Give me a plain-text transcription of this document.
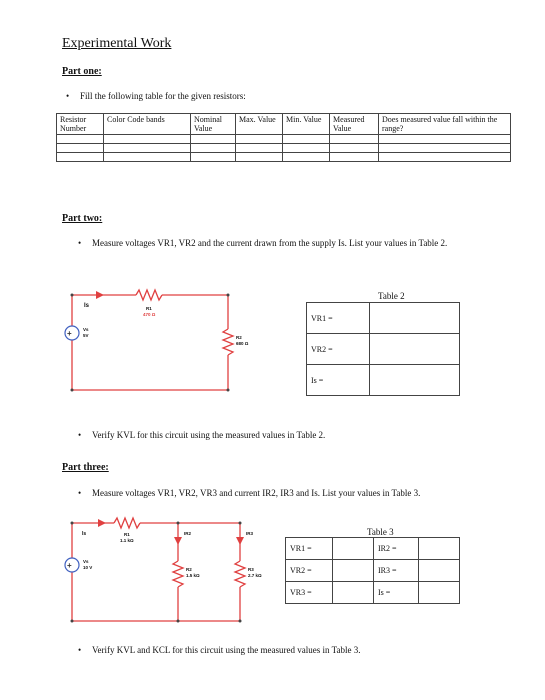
Experimental Work
Part one:
• Fill the following table for the given resistors:
Resistor Number	Color Code bands	Nominal Value	Max. Value	Min. Value	Measured Value	Does measured value fall within the range?

Part two:
• Measure voltages VR1, VR2 and the current drawn from the supply Is. List your values in Table 2.
+
Is	R1
470 Ω
Vs
5V	R2
680 Ω
Table 2
VR1 =	
VR2 =	
Is =	
• Verify KVL for this circuit using the measured values in Table 2.
Part three:
• Measure voltages VR1, VR2, VR3 and current IR2, IR3 and Is. List your values in Table 3.
+
Is	R1
1.1 kΩ
IR2	IR3
Vs
10 V	R2
1.5 kΩ
R3
2.7 kΩ
Table 3
VR1 =		IR2 =	
VR2 =		IR3 =	
VR3 =		Is =	
• Verify KVL and KCL for this circuit using the measured values in Table 3.
